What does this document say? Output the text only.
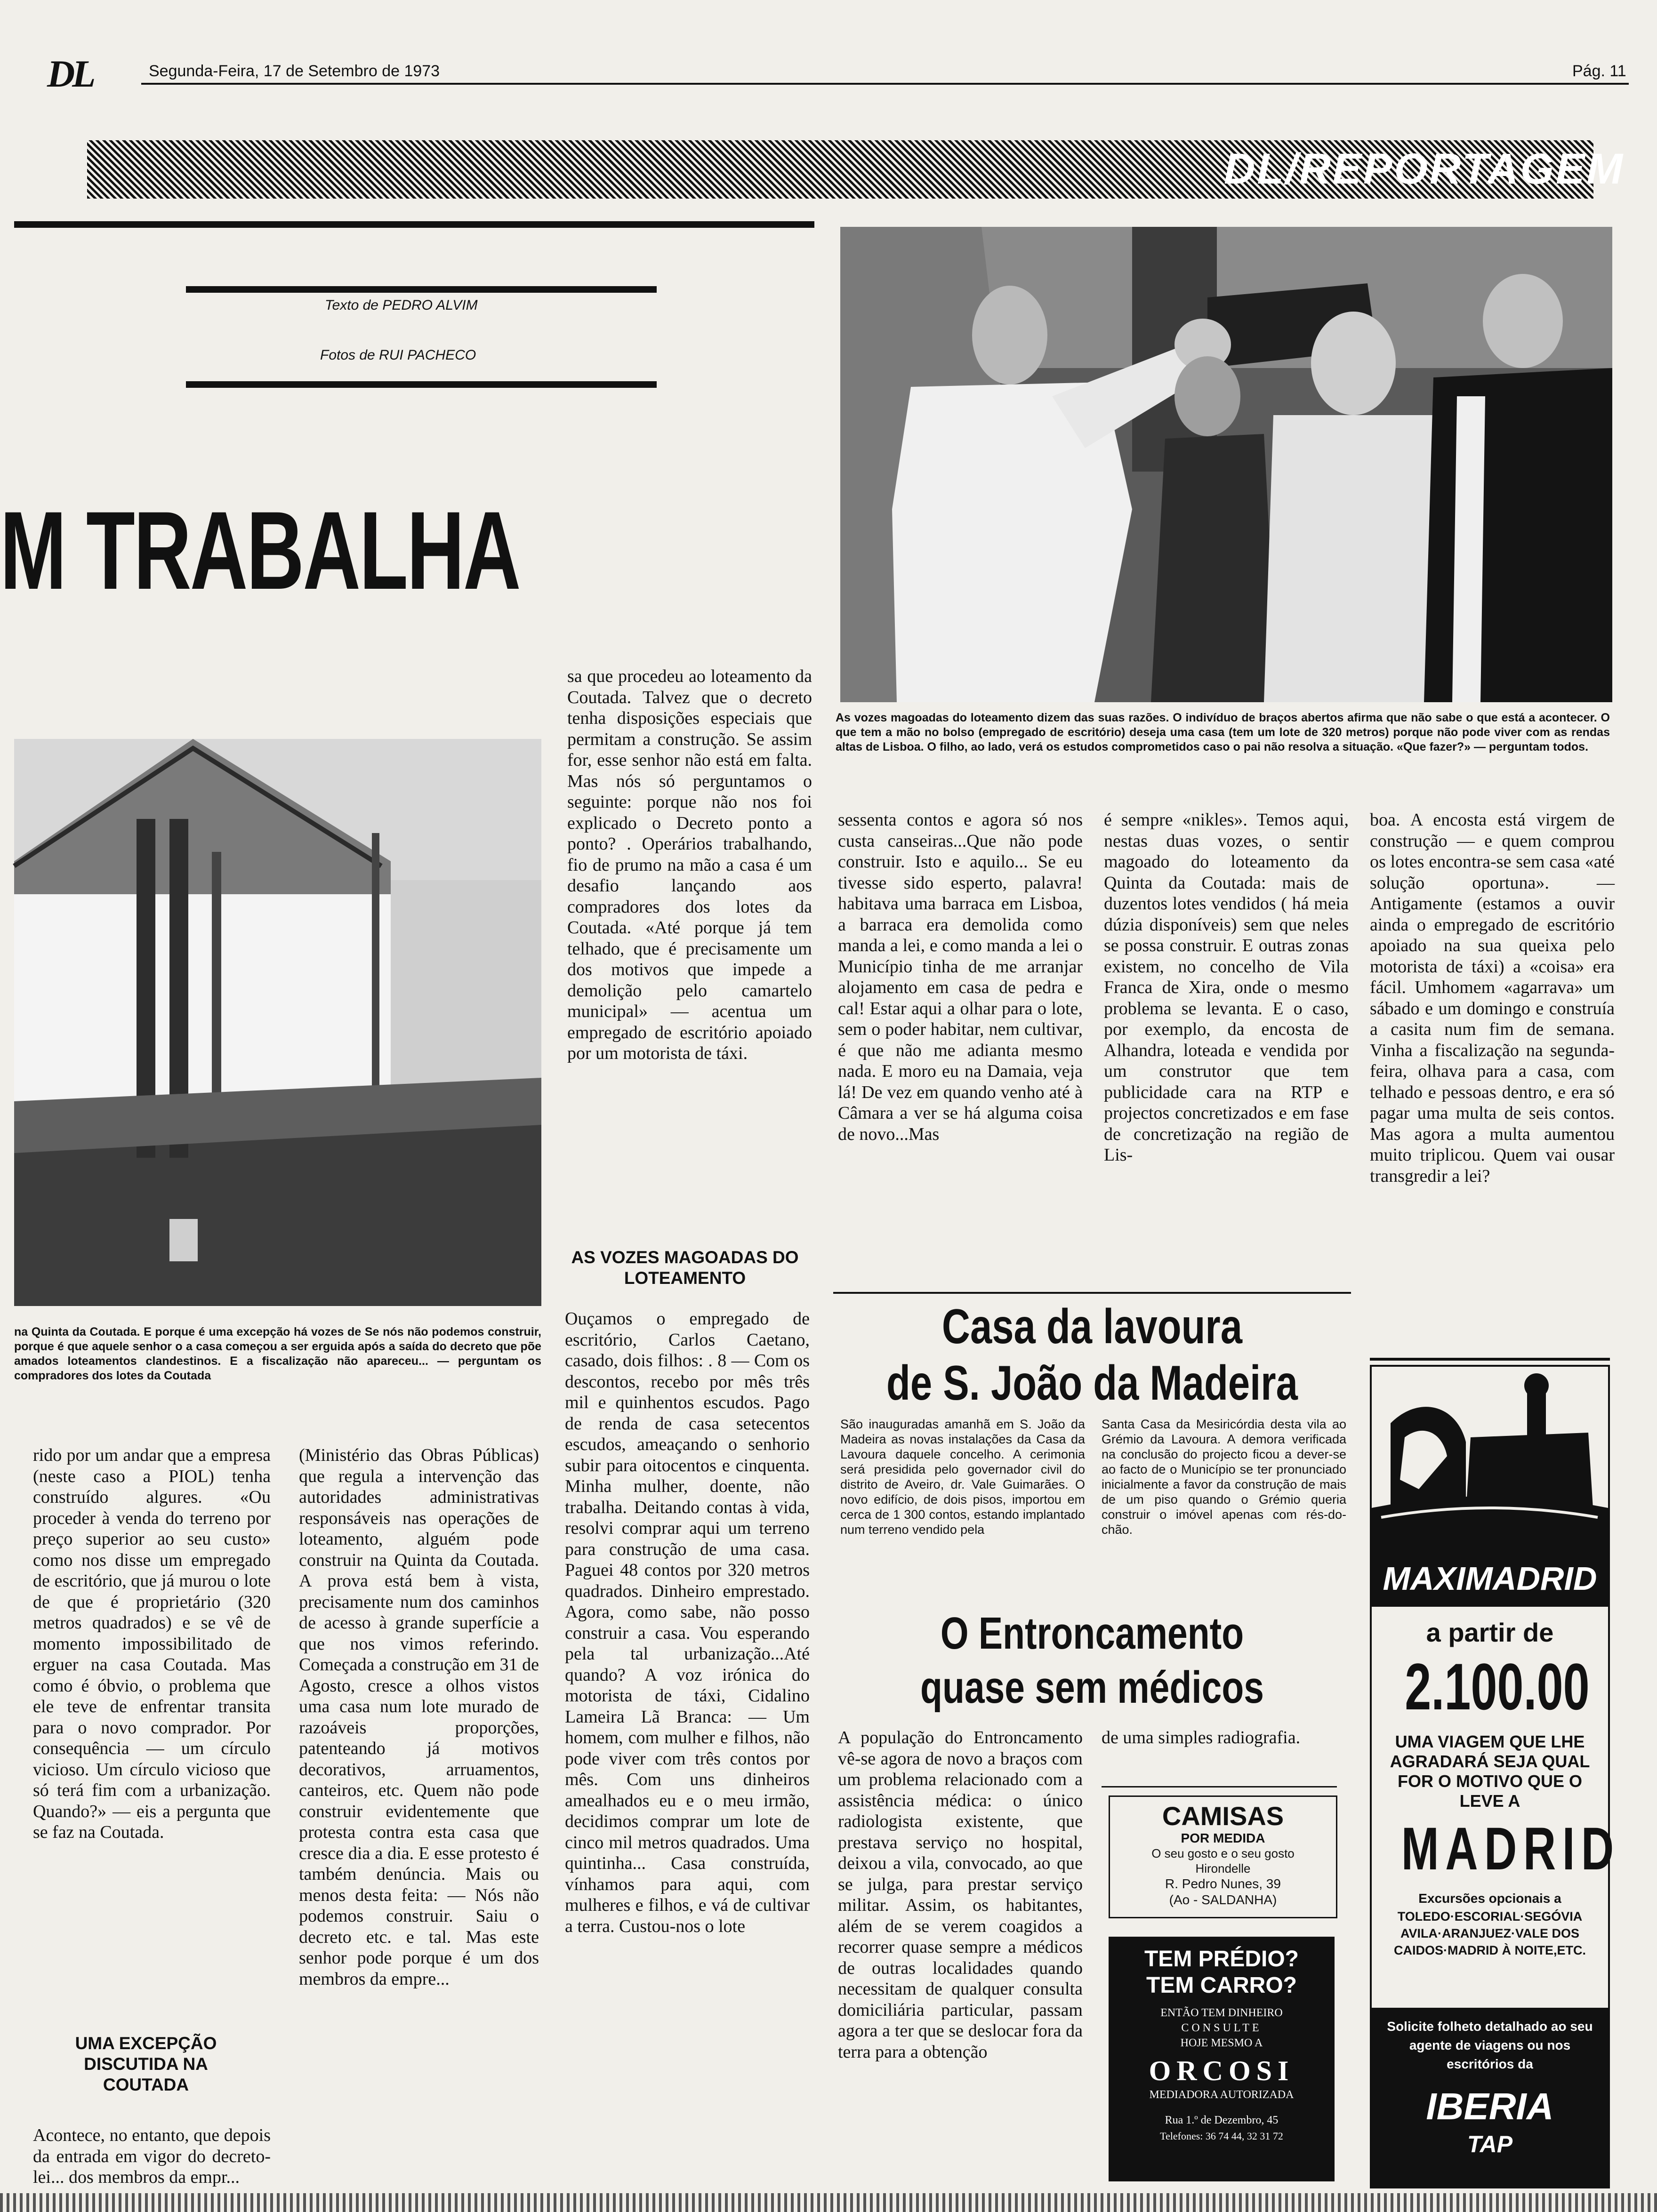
DL	Segunda-Feira, 17 de Setembro de 1973	Pág. 11
DL/REPORTAGEM
Texto de PEDRO ALVIM
Fotos de RUI PACHECO
M TRABALHA
As vozes magoadas do loteamento dizem das suas razões. O indivíduo de braços abertos afirma que não sabe o que está a acontecer. O que tem a mão no bolso (empregado de escritório) deseja uma casa (tem um lote de 320 metros) porque não pode viver com as rendas altas de Lisboa. O filho, ao lado, verá os estudos comprometidos caso o pai não resolva a situação. «Que fazer?» — perguntam todos.
na Quinta da Coutada. E porque é uma excepção há vozes de Se nós não podemos construir, porque é que aquele senhor o a casa começou a ser erguida após a saída do decreto que põe amados loteamentos clandestinos. E a fiscalização não apareceu... — perguntam os compradores dos lotes da Coutada
sa que procedeu ao loteamento da Coutada. Talvez que o decreto tenha disposições especiais que permitam a construção. Se assim for, esse senhor não está em falta. Mas nós só perguntamos o seguinte: porque não nos foi explicado o Decreto ponto a ponto? . Operários trabalhando, fio de prumo na mão a casa é um desafio lançando aos compradores dos lotes da Coutada. «Até porque já tem telhado, que é precisamente um dos motivos que impede a demolição pelo camartelo municipal» — acentua um empregado de escritório apoiado por um motorista de táxi.
rido por um andar que a empresa (neste caso a PIOL) tenha construído algures. «Ou proceder à venda do terreno por preço superior ao seu custo» como nos disse um empregado de escritório, que já murou o lote de que é proprietário (320 metros quadrados) e se vê de momento impossibilitado de erguer na casa Coutada. Mas como é óbvio, o problema que ele teve de enfrentar transita para o novo comprador. Por consequência — um círculo vicioso. Um círculo vicioso que só terá fim com a urbanização. Quando?» — eis a pergunta que se faz na Coutada.
UMA EXCEPÇÃO DISCUTIDA NA COUTADA
Acontece, no entanto, que depois da entrada em vigor do decreto-lei... dos membros da empr...
(Ministério das Obras Públicas) que regula a intervenção das autoridades administrativas responsáveis nas operações de loteamento, alguém pode construir na Quinta da Coutada. A prova está bem à vista, precisamente num dos caminhos de acesso à grande superfície a que nos vimos referindo. Começada a construção em 31 de Agosto, cresce a olhos vistos uma casa num lote murado de razoáveis proporções, patenteando já motivos decorativos, arruamentos, canteiros, etc. Quem não pode construir evidentemente que protesta contra esta casa que cresce dia a dia. E esse protesto é também denúncia. Mais ou menos desta feita: — Nós não podemos construir. Saiu o decreto etc. e tal. Mas este senhor pode porque é um dos membros da empre...
AS VOZES MAGOADAS DO LOTEAMENTO
Ouçamos o empregado de escritório, Carlos Caetano, casado, dois filhos: . 8 — Com os descontos, recebo por mês três mil e quinhentos escudos. Pago de renda de casa setecentos escudos, ameaçando o senhorio subir para oitocentos e cinquenta. Minha mulher, doente, não trabalha. Deitando contas à vida, resolvi comprar aqui um terreno para construção de uma casa. Paguei 48 contos por 320 metros quadrados. Dinheiro emprestado. Agora, como sabe, não posso construir a casa. Vou esperando pela tal urbanização...Até quando? A voz irónica do motorista de táxi, Cidalino Lameira Lã Branca: — Um homem, com mulher e filhos, não pode viver com três contos por mês. Com uns dinheiros amealhados eu e o meu irmão, decidimos comprar um lote de cinco mil metros quadrados. Uma quintinha... Casa construída, vínhamos para aqui, com mulheres e filhos, e vá de cultivar a terra. Custou-nos o lote
sessenta contos e agora só nos custa canseiras...Que não pode construir. Isto e aquilo... Se eu tivesse sido esperto, palavra! habitava uma barraca em Lisboa, a barraca era demolida como manda a lei, e como manda a lei o Município tinha de me arranjar alojamento em casa de pedra e cal! Estar aqui a olhar para o lote, sem o poder habitar, nem cultivar, é que não me adianta mesmo nada. E moro eu na Damaia, veja lá! De vez em quando venho até à Câmara a ver se há alguma coisa de novo...Mas
é sempre «nikles». Temos aqui, nestas duas vozes, o sentir magoado do loteamento da Quinta da Coutada: mais de duzentos lotes vendidos ( há meia dúzia disponíveis) sem que neles se possa construir. E outras zonas existem, no concelho de Vila Franca de Xira, onde o mesmo problema se levanta. E o caso, por exemplo, da encosta de Alhandra, loteada e vendida por um construtor que tem publicidade cara na RTP e projectos concretizados e em fase de concretização na região de Lis-
boa. A encosta está virgem de construção — e quem comprou os lotes encontra-se sem casa «até solução oportuna». — Antigamente (estamos a ouvir ainda o empregado de escritório apoiado na sua queixa pelo motorista de táxi) a «coisa» era fácil. Umhomem «agarrava» um sábado e um domingo e construía a casita num fim de semana. Vinha a fiscalização na segunda-feira, olhava para a casa, com telhado e pessoas dentro, e era só pagar uma multa de seis contos. Mas agora a multa aumentou muito triplicou. Quem vai ousar transgredir a lei?
Casa da lavoura
de S. João da Madeira
São inauguradas amanhã em S. João da Madeira as novas instalações da Casa da Lavoura daquele concelho. A cerimonia será presidida pelo governador civil do distrito de Aveiro, dr. Vale Guimarães. O novo edifício, de dois pisos, importou em cerca de 1 300 contos, estando implantado num terreno vendido pela
Santa Casa da Mesiricórdia desta vila ao Grémio da Lavoura. A demora verificada na conclusão do projecto ficou a dever-se ao facto de o Município se ter pronunciado inicialmente a favor da construção de mais de um piso quando o Grémio queria construir o imóvel apenas com rés-do-chão.
O Entroncamento
quase sem médicos
A população do Entroncamento vê-se agora de novo a braços com um problema relacionado com a assistência médica: o único radiologista existente, que prestava serviço no hospital, deixou a vila, convocado, ao que se julga, para prestar serviço militar. Assim, os habitantes, além de se verem coagidos a recorrer quase sempre a médicos de outras localidades quando necessitam de qualquer consulta domiciliária particular, passam agora a ter que se deslocar fora da terra para a obtenção
de uma simples radiografia.
CAMISAS
POR MEDIDA
O seu gosto e o seu gosto
Hirondelle
R. Pedro Nunes, 39
(Ao - SALDANHA)
TEM PRÉDIO?
TEM CARRO?
ENTÃO TEM DINHEIRO
CONSULTE
HOJE MESMO A
ORCOSI
MEDIADORA AUTORIZADA
Rua 1.º de Dezembro, 45
Telefones: 36 74 44, 32 31 72
MAXIMADRID
a partir de
2.100.00
UMA VIAGEM QUE LHE AGRADARÁ SEJA QUAL FOR O MOTIVO QUE O LEVE A
MADRID
Excursões opcionais a
TOLEDO·ESCORIAL·SEGÓVIA AVILA·ARANJUEZ·VALE DOS CAIDOS·MADRID À NOITE,ETC.
Solicite folheto detalhado ao seu agente de viagens ou nos escritórios da
IBERIA
TAP
